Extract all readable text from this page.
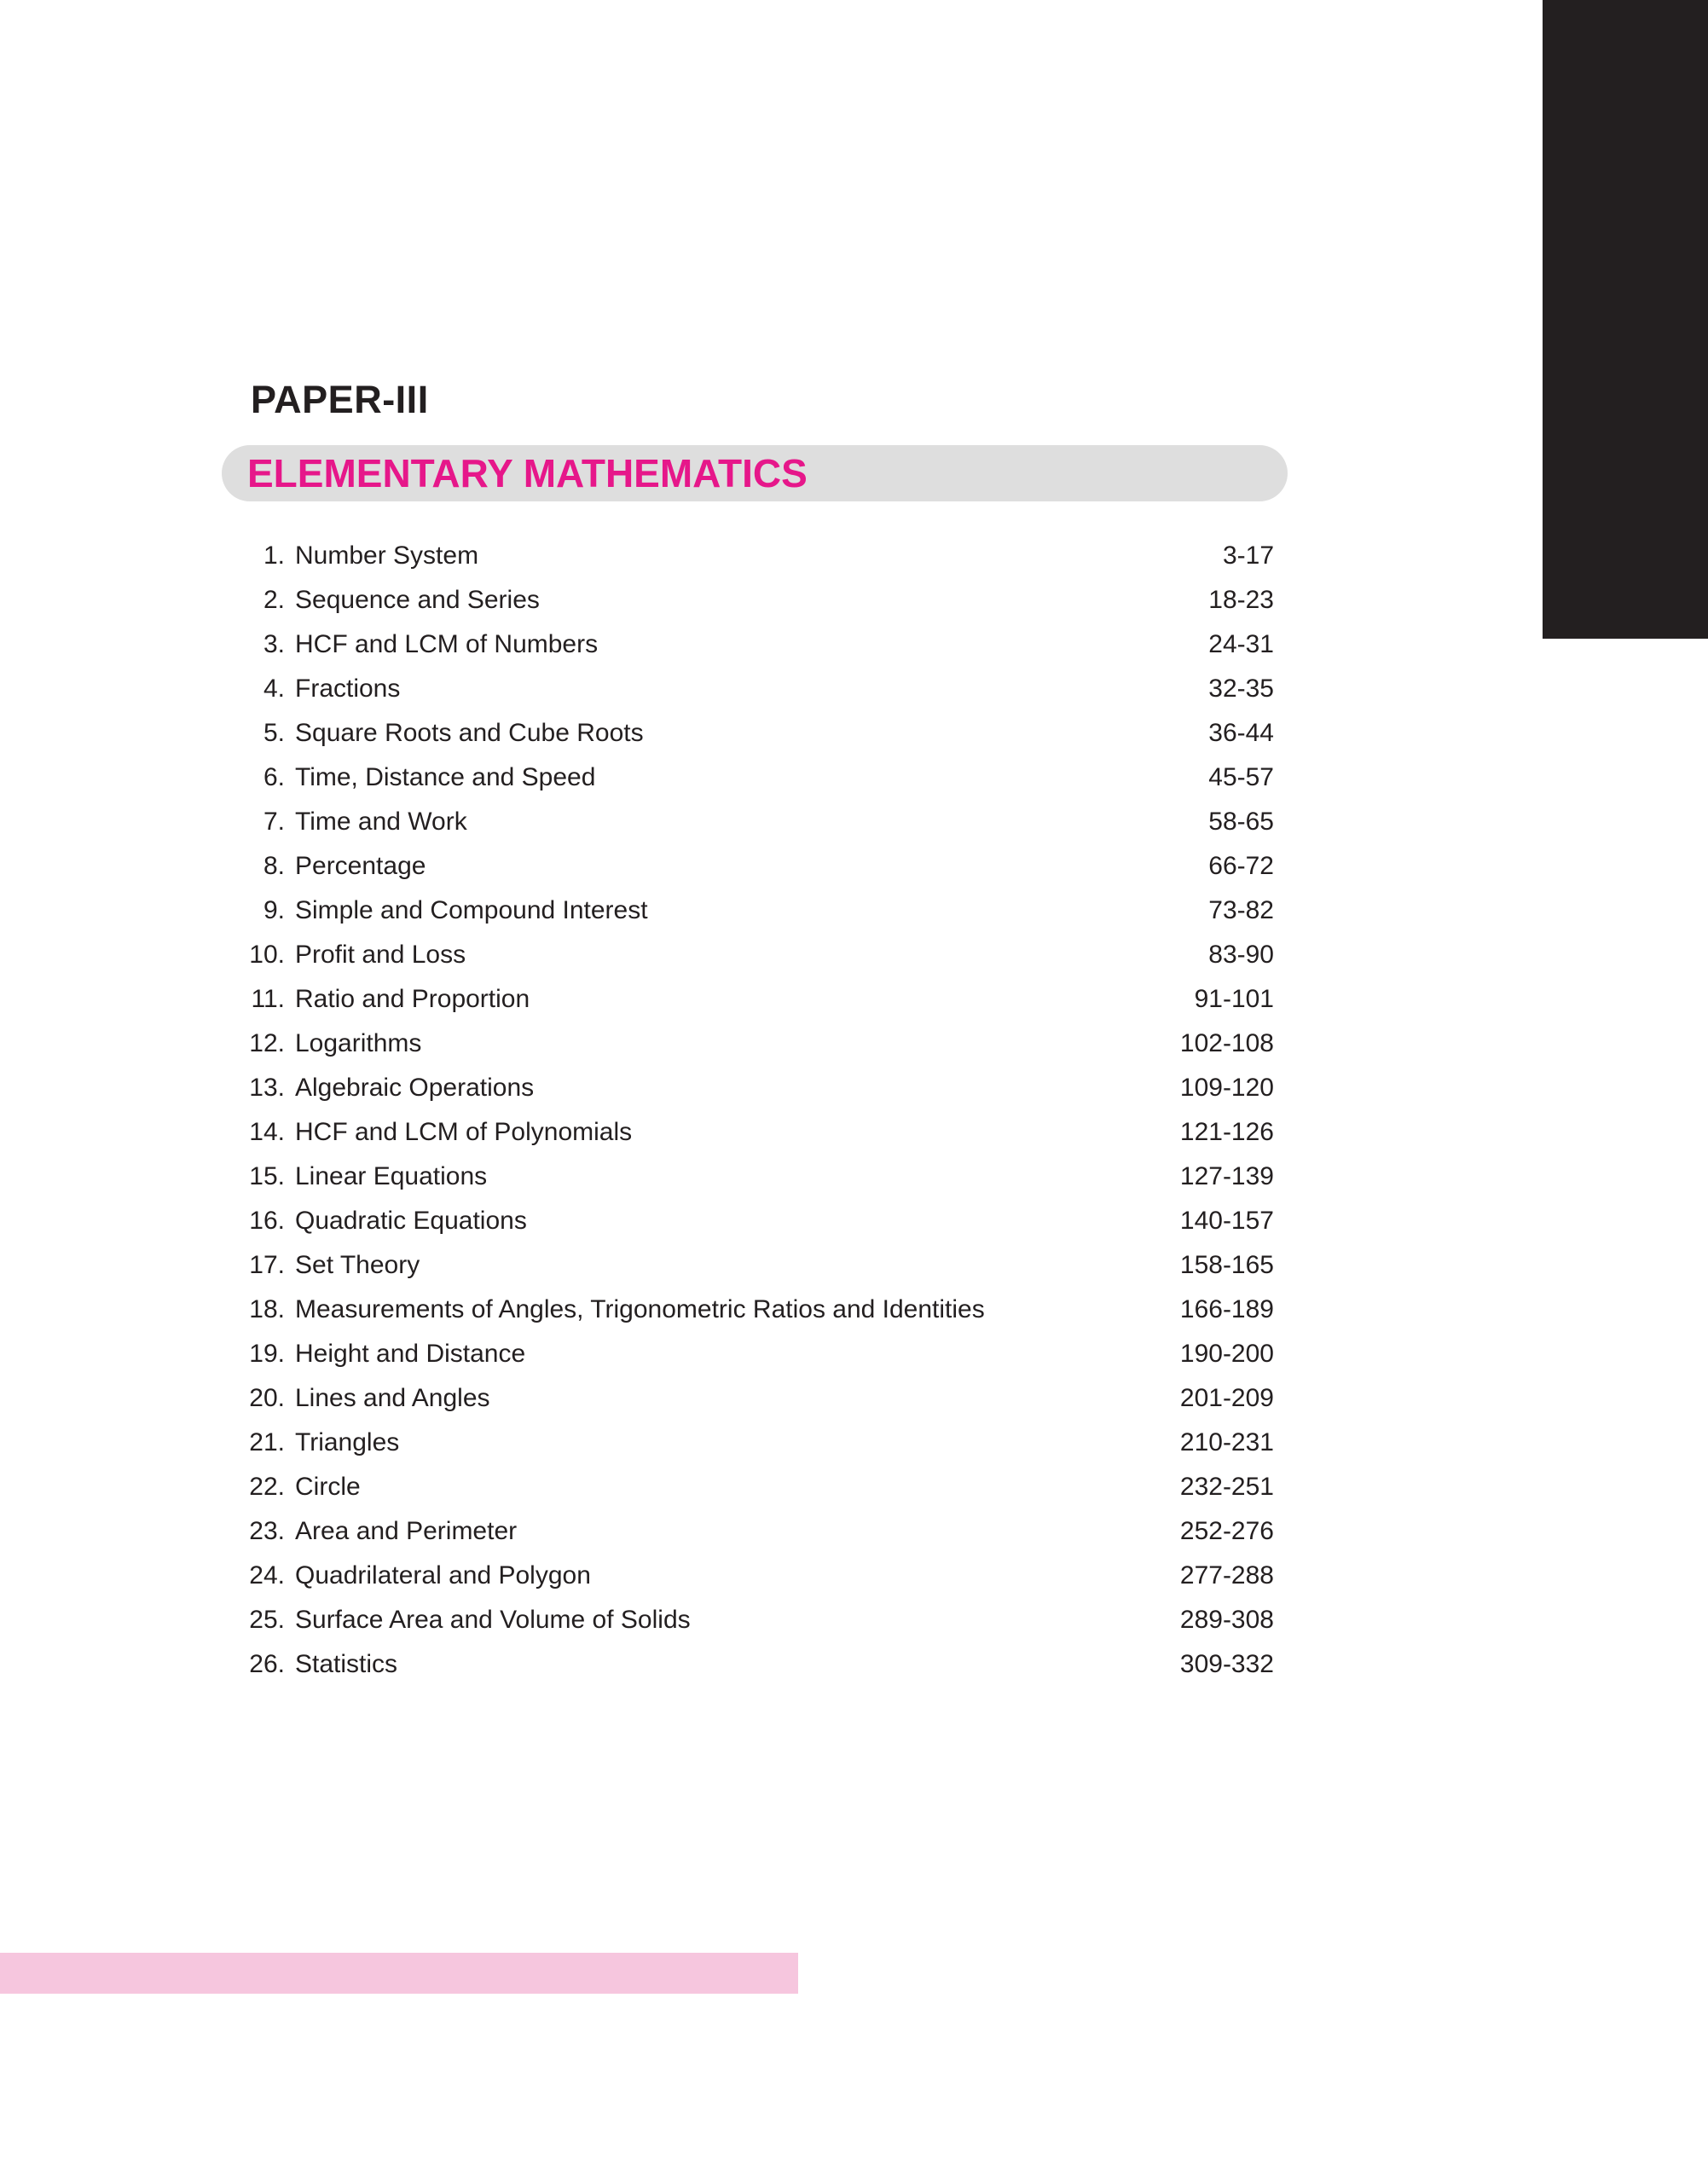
PAPER-III
ELEMENTARY MATHEMATICS
1. Number System	3-17
2. Sequence and Series	18-23
3. HCF and LCM of Numbers	24-31
4. Fractions	32-35
5. Square Roots and Cube Roots	36-44
6. Time, Distance and Speed	45-57
7. Time and Work	58-65
8. Percentage	66-72
9. Simple and Compound Interest	73-82
10. Profit and Loss	83-90
11. Ratio and Proportion	91-101
12. Logarithms	102-108
13. Algebraic Operations	109-120
14. HCF and LCM of Polynomials	121-126
15. Linear Equations	127-139
16. Quadratic Equations	140-157
17. Set Theory	158-165
18. Measurements of Angles, Trigonometric Ratios and Identities	166-189
19. Height and Distance	190-200
20. Lines and Angles	201-209
21. Triangles	210-231
22. Circle	232-251
23. Area and Perimeter	252-276
24. Quadrilateral and Polygon	277-288
25. Surface Area and Volume of Solids	289-308
26. Statistics	309-332
